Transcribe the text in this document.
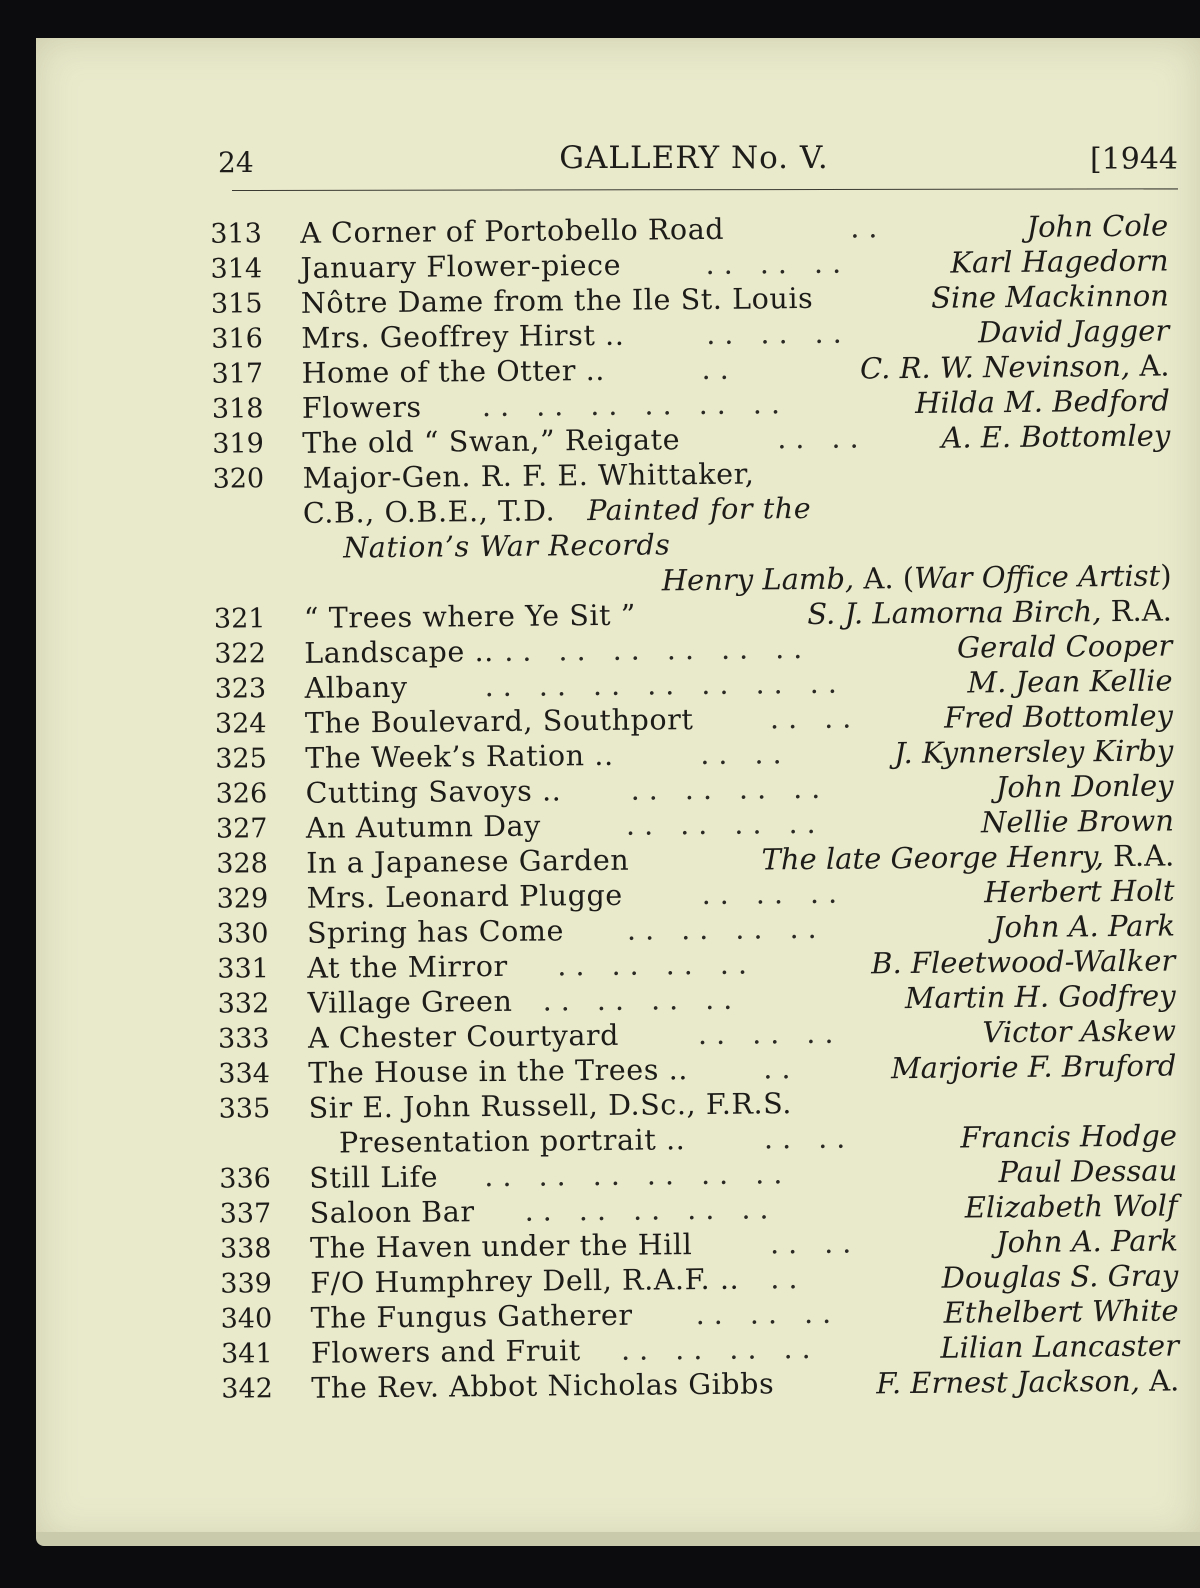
24	GALLERY No. V.	[1944
313	A Corner of Portobello Road	..	John Cole
314	January Flower-piece	.. .. ..	Karl Hagedorn
315	Nôtre Dame from the Ile St. Louis	Sine Mackinnon
316	Mrs. Geoffrey Hirst ..	.. .. ..	David Jagger
317	Home of the Otter ..	..	C. R. W. Nevinson, A.
318	Flowers .. .. .. .. .. ..	Hilda M. Bedford
319	The old “ Swan,” Reigate	.. ..	A. E. Bottomley
320	Major-Gen. R. F. E. Whittaker,
C.B., O.B.E., T.D. Painted for the
Nation’s War Records
Henry Lamb, A. (War Office Artist)
321	“ Trees where Ye Sit ”	S. J. Lamorna Birch, R.A.
322	Landscape .. .. .. .. .. .. ..	Gerald Cooper
323	Albany	.. .. .. .. .. .. ..	M. Jean Kellie
324	The Boulevard, Southport	.. ..	Fred Bottomley
325	The Week’s Ration ..	.. ..	J. Kynnersley Kirby
326	Cutting Savoys .. .. .. .. ..	John Donley
327	An Autumn Day	.. .. .. ..	Nellie Brown
328	In a Japanese Garden	The late George Henry, R.A.
329	Mrs. Leonard Plugge	.. .. ..	Herbert Holt
330	Spring has Come .. .. .. ..	John A. Park
331	At the Mirror .. .. .. ..	B. Fleetwood-Walker
332	Village Green .. .. .. ..	Martin H. Godfrey
333	A Chester Courtyard	.. .. ..	Victor Askew
334	The House in the Trees ..	..	Marjorie F. Bruford
335	Sir E. John Russell, D.Sc., F.R.S.
Presentation portrait ..	.. ..	Francis Hodge
336	Still Life .. .. .. .. .. ..	Paul Dessau
337	Saloon Bar .. .. .. .. ..	Elizabeth Wolf
338	The Haven under the Hill	.. ..	John A. Park
339	F/O Humphrey Dell, R.A.F. .. ..	Douglas S. Gray
340	The Fungus Gatherer .. .. ..	Ethelbert White
341	Flowers and Fruit .. .. .. ..	Lilian Lancaster
342	The Rev. Abbot Nicholas Gibbs	F. Ernest Jackson, A.
